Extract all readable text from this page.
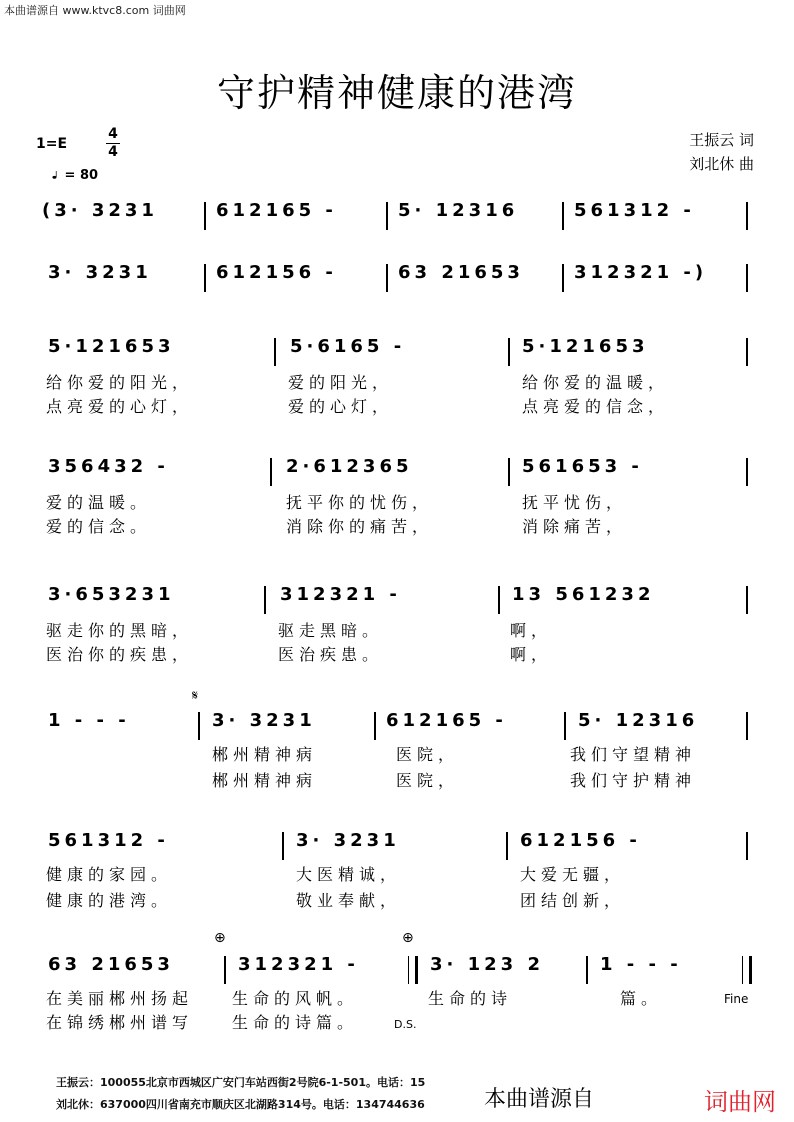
本曲谱源自 www.ktvc8.com 词曲网
守护精神健康的港湾
1=E
4
4
= 80
王振云 词
刘北休 曲
(3· 3231	612165 -	5· 12316	561312 -
3· 3231	612156 -	63 21653	312321 -)
5·121653	5·6165 -	5·121653
给你爱的阳光，	爱的阳光，	给你爱的温暖，
点亮爱的心灯，	爱的心灯，	点亮爱的信念，
356432 -	2·612365	561653 -
爱的温暖。	抚平你的忧伤，	抚平忧伤，
爱的信念。	消除你的痛苦，	消除痛苦，
3·653231	312321 -	13 561232
驱走你的黑暗，	驱走黑暗。	啊，
医治你的疾患，	医治疾患。	啊，
𝄋
1 - - -	3· 3231	612165 -	5· 12316
郴州精神病	医院，	我们守望精神
郴州精神病	医院，	我们守护精神
561312 -	3· 3231	612156 -
健康的家园。	大医精诚，	大爱无疆，
健康的港湾。	敬业奉献，	团结创新，
⊕	⊕
63 21653	312321 -	3· 123 2	1 - - -
在美丽郴州扬起 生命的风帆。	生命的诗	篇。	Fine
在锦绣郴州谱写 生命的诗篇。	D.S.
王振云：100055北京市西城区广安门车站西街2号院6-1-501。电话：15
刘北休：637000四川省南充市顺庆区北湖路314号。电话：134744636	本曲谱源自	词曲网
